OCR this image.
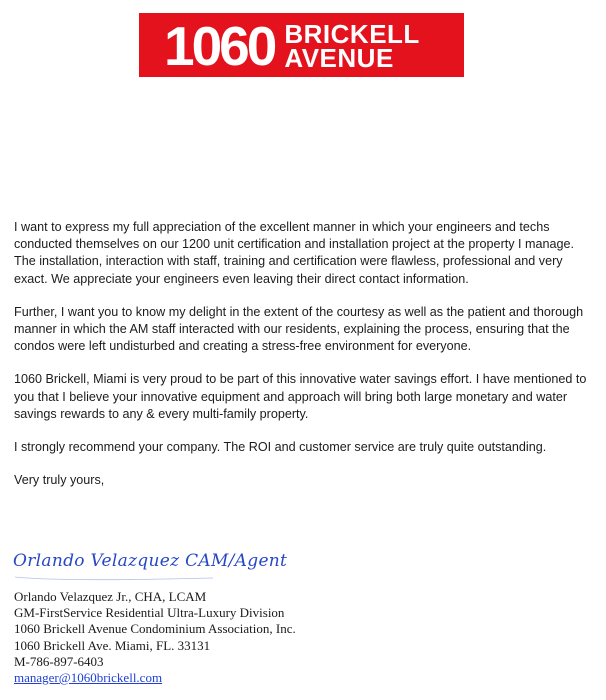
1060 BRICKELL
AVENUE

I want to express my full appreciation of the excellent manner in which your engineers and techs conducted themselves on our 1200 unit certification and installation project at the property I manage. The installation, interaction with staff, training and certification were flawless, professional and very exact. We appreciate your engineers even leaving their direct contact information.

Further, I want you to know my delight in the extent of the courtesy as well as the patient and thorough manner in which the AM staff interacted with our residents, explaining the process, ensuring that the condos were left undisturbed and creating a stress-free environment for everyone.

1060 Brickell, Miami is very proud to be part of this innovative water savings effort. I have mentioned to you that I believe your innovative equipment and approach will bring both large monetary and water savings rewards to any & every multi-family property.

I strongly recommend your company. The ROI and customer service are truly quite outstanding.

Very truly yours,

Orlando Velazquez CAM/Agent
Orlando Velazquez Jr., CHA, LCAM
GM-FirstService Residential Ultra-Luxury Division
1060 Brickell Avenue Condominium Association, Inc.
1060 Brickell Ave. Miami, FL. 33131
M-786-897-6403
manager@1060brickell.com
